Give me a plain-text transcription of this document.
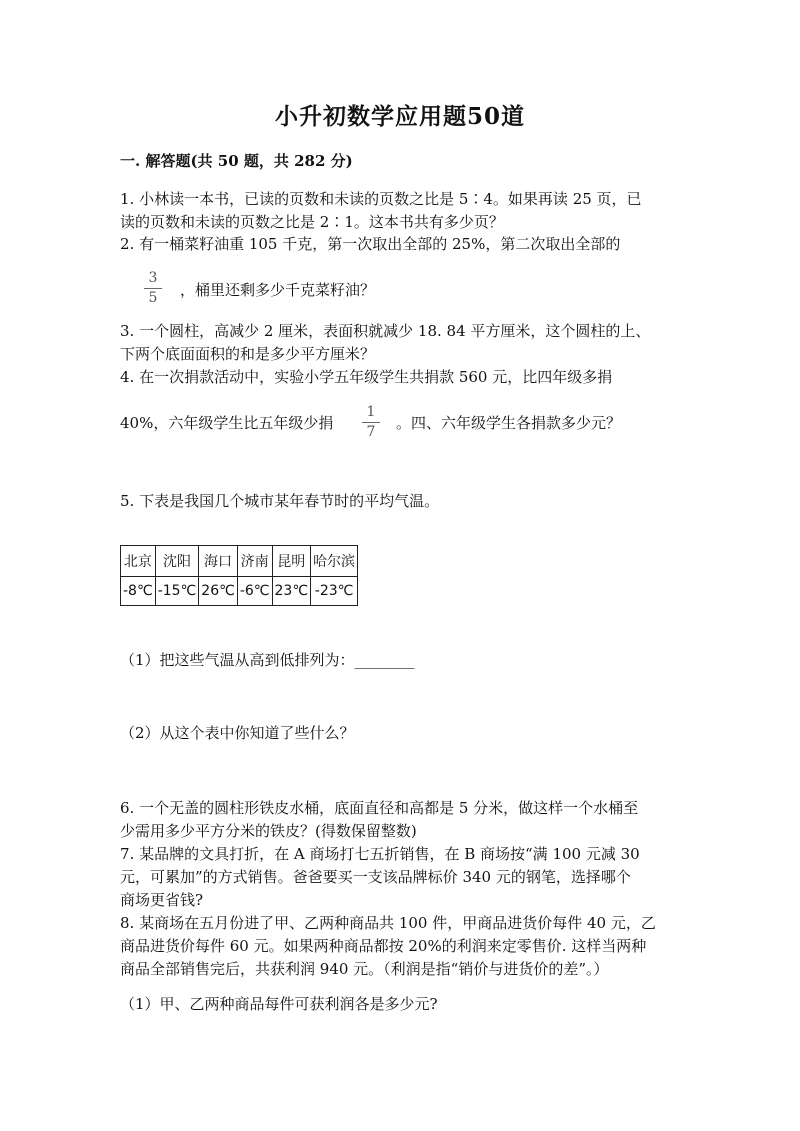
小升初数学应用题50道
一. 解答题(共 50 题，共 282 分)
1. 小林读一本书，已读的页数和未读的页数之比是 5∶4。如果再读 25 页，已
读的页数和未读的页数之比是 2∶1。这本书共有多少页？
2. 有一桶菜籽油重 105 千克，第一次取出全部的 25%，第二次取出全部的
3
5	，桶里还剩多少千克菜籽油？
3. 一个圆柱，高减少 2 厘米，表面积就减少 18. 84 平方厘米，这个圆柱的上、
下两个底面面积的和是多少平方厘米？
4. 在一次捐款活动中，实验小学五年级学生共捐款 560 元，比四年级多捐
40%，六年级学生比五年级少捐
1
7	。四、六年级学生各捐款多少元？
5. 下表是我国几个城市某年春节时的平均气温。
北京	沈阳	海口	济南	昆明	哈尔滨
-8℃	-15℃	26℃	-6℃	23℃	-23℃
（1）把这些气温从高到低排列为：________
（2）从这个表中你知道了些什么？
6. 一个无盖的圆柱形铁皮水桶，底面直径和高都是 5 分米，做这样一个水桶至
少需用多少平方分米的铁皮？(得数保留整数)
7. 某品牌的文具打折，在 A 商场打七五折销售，在 B 商场按“满 100 元减 30
元，可累加”的方式销售。爸爸要买一支该品牌标价 340 元的钢笔，选择哪个
商场更省钱?
8. 某商场在五月份进了甲、乙两种商品共 100 件，甲商品进货价每件 40 元，乙
商品进货价每件 60 元。如果两种商品都按 20%的利润来定零售价. 这样当两种
商品全部销售完后，共获利润 940 元。（利润是指“销价与进货价的差”。）
（1）甲、乙两种商品每件可获利润各是多少元?
